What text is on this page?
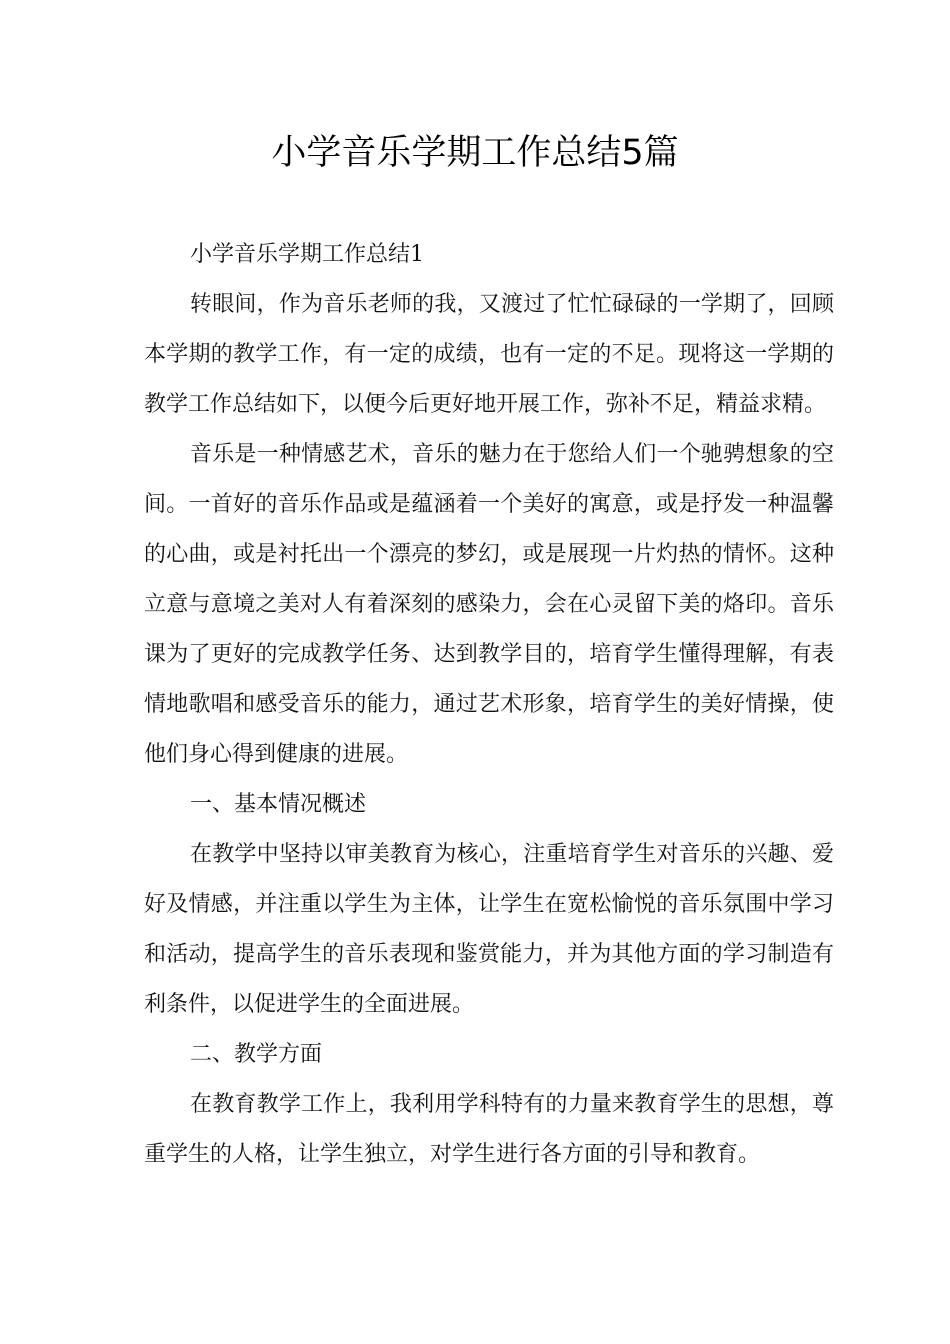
小学音乐学期工作总结5篇

小学音乐学期工作总结1

转眼间，作为音乐老师的我，又渡过了忙忙碌碌的一学期了，回顾本学期的教学工作，有一定的成绩，也有一定的不足。现将这一学期的教学工作总结如下，以便今后更好地开展工作，弥补不足，精益求精。

音乐是一种情感艺术，音乐的魅力在于您给人们一个驰骋想象的空间。一首好的音乐作品或是蕴涵着一个美好的寓意，或是抒发一种温馨的心曲，或是衬托出一个漂亮的梦幻，或是展现一片灼热的情怀。这种立意与意境之美对人有着深刻的感染力，会在心灵留下美的烙印。音乐课为了更好的完成教学任务、达到教学目的，培育学生懂得理解，有表情地歌唱和感受音乐的能力，通过艺术形象，培育学生的美好情操，使他们身心得到健康的进展。

一、基本情况概述

在教学中坚持以审美教育为核心，注重培育学生对音乐的兴趣、爱好及情感，并注重以学生为主体，让学生在宽松愉悦的音乐氛围中学习和活动，提高学生的音乐表现和鉴赏能力，并为其他方面的学习制造有利条件，以促进学生的全面进展。

二、教学方面

在教育教学工作上，我利用学科特有的力量来教育学生的思想，尊重学生的人格，让学生独立，对学生进行各方面的引导和教育。
